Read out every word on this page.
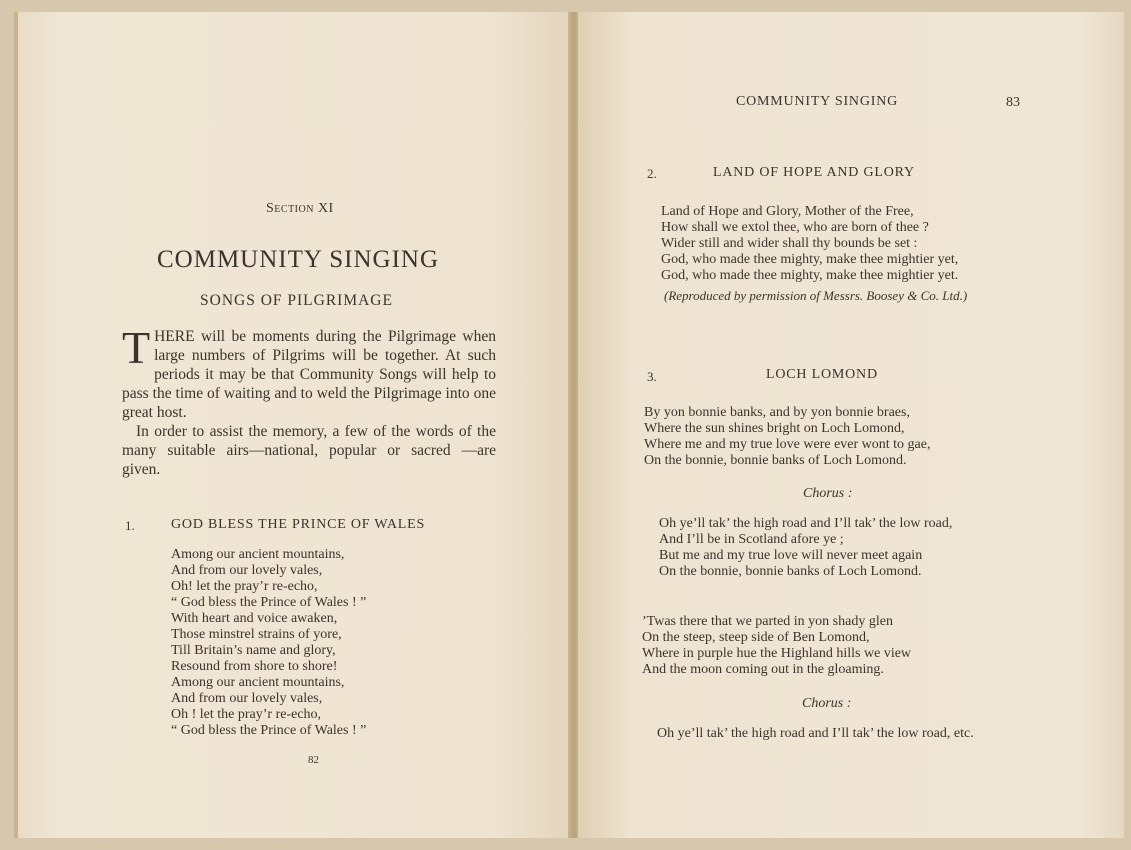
Section XI
COMMUNITY SINGING
SONGS OF PILGRIMAGE

THERE will be moments during the Pilgrimage when large numbers of Pilgrims will be together. At such periods it may be that Community Songs will help to pass the time of waiting and to weld the Pilgrimage into one great host.

In order to assist the memory, a few of the words of the many suitable airs—national, popular or sacred —are given.

1.	GOD BLESS THE PRINCE OF WALES
Among our ancient mountains,
And from our lovely vales,
Oh! let the pray’r re-echo,
“ God bless the Prince of Wales ! ”
With heart and voice awaken,
Those minstrel strains of yore,
Till Britain’s name and glory,
Resound from shore to shore!
Among our ancient mountains,
And from our lovely vales,
Oh ! let the pray’r re-echo,
“ God bless the Prince of Wales ! ”
82
COMMUNITY SINGING	83
2.	LAND OF HOPE AND GLORY
Land of Hope and Glory, Mother of the Free,
How shall we extol thee, who are born of thee ?
Wider still and wider shall thy bounds be set :
God, who made thee mighty, make thee mightier yet,
God, who made thee mighty, make thee mightier yet.
(Reproduced by permission of Messrs. Boosey & Co. Ltd.)
3.	LOCH LOMOND
By yon bonnie banks, and by yon bonnie braes,
Where the sun shines bright on Loch Lomond,
Where me and my true love were ever wont to gae,
On the bonnie, bonnie banks of Loch Lomond.
Chorus :
Oh ye’ll tak’ the high road and I’ll tak’ the low road,
And I’ll be in Scotland afore ye ;
But me and my true love will never meet again
On the bonnie, bonnie banks of Loch Lomond.
’Twas there that we parted in yon shady glen
On the steep, steep side of Ben Lomond,
Where in purple hue the Highland hills we view
And the moon coming out in the gloaming.
Chorus :
Oh ye’ll tak’ the high road and I’ll tak’ the low road, etc.
